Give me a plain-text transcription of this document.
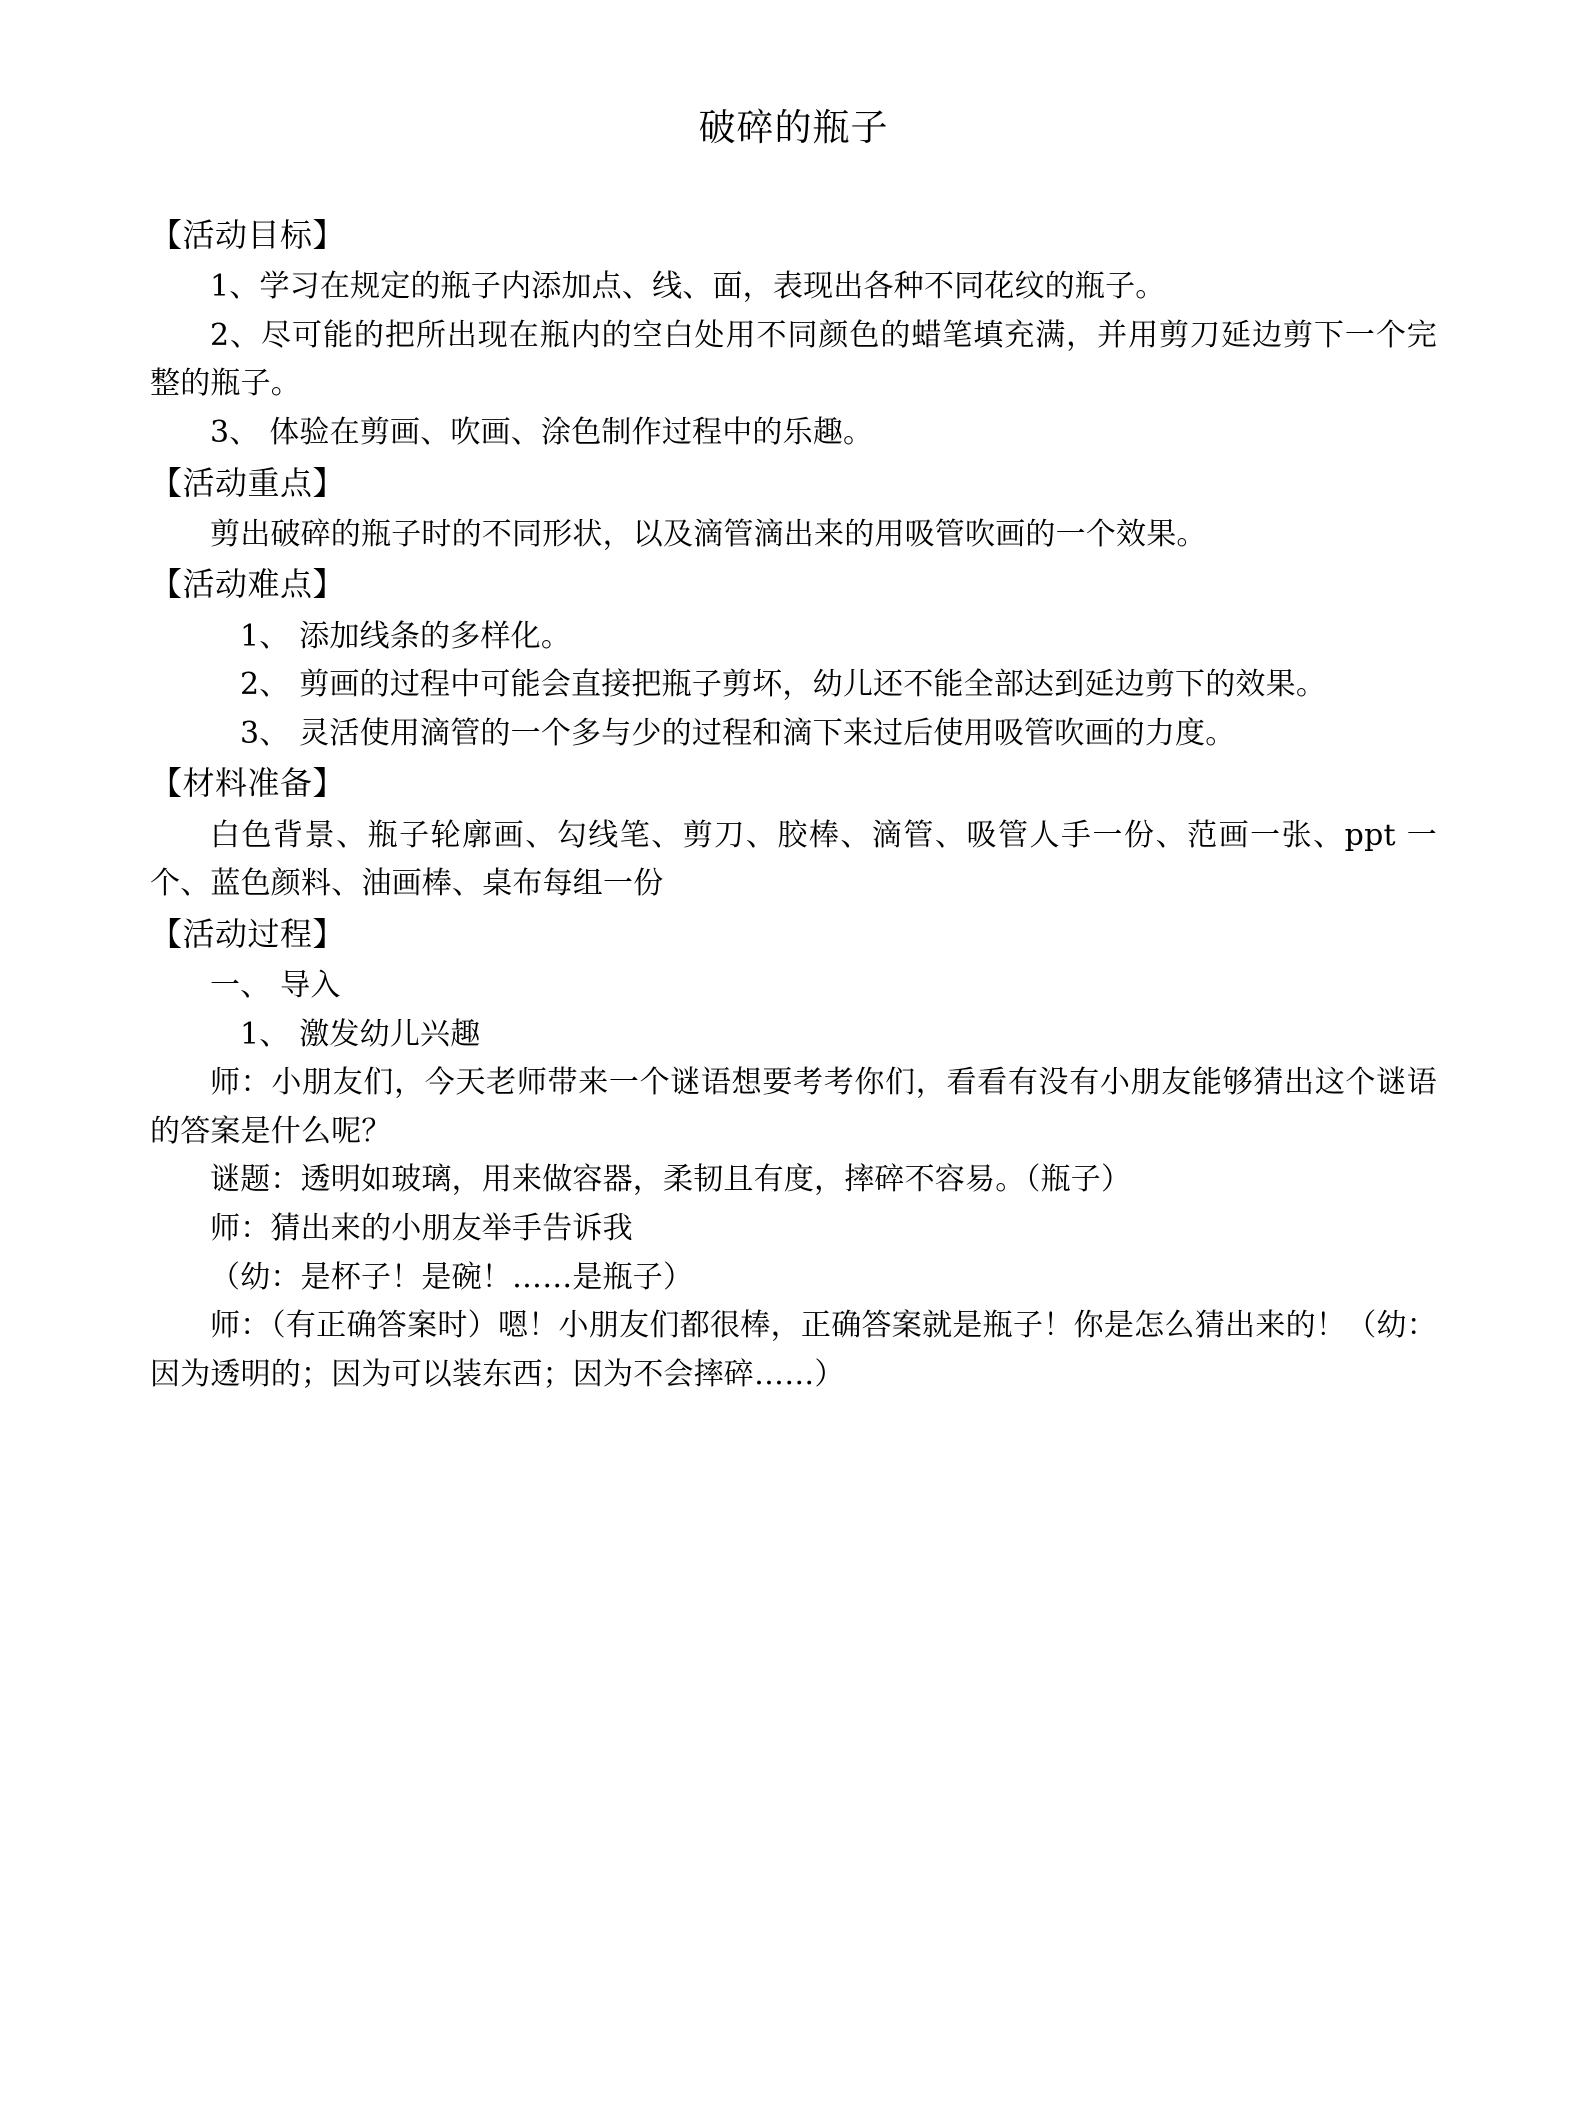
破碎的瓶子
【活动目标】

1、学习在规定的瓶子内添加点、线、面，表现出各种不同花纹的瓶子。

2、尽可能的把所出现在瓶内的空白处用不同颜色的蜡笔填充满，并用剪刀延边剪下一个完整的瓶子。

3、 体验在剪画、吹画、涂色制作过程中的乐趣。

【活动重点】

剪出破碎的瓶子时的不同形状，以及滴管滴出来的用吸管吹画的一个效果。

【活动难点】

1、 添加线条的多样化。

2、 剪画的过程中可能会直接把瓶子剪坏，幼儿还不能全部达到延边剪下的效果。

3、 灵活使用滴管的一个多与少的过程和滴下来过后使用吸管吹画的力度。

【材料准备】

白色背景、瓶子轮廓画、勾线笔、剪刀、胶棒、滴管、吸管人手一份、范画一张、ppt 一个、蓝色颜料、油画棒、桌布每组一份

【活动过程】

一、 导入

1、 激发幼儿兴趣

师：小朋友们，今天老师带来一个谜语想要考考你们，看看有没有小朋友能够猜出这个谜语的答案是什么呢？

谜题：透明如玻璃，用来做容器，柔韧且有度，摔碎不容易。（瓶子）

师：猜出来的小朋友举手告诉我

（幼：是杯子！是碗！……是瓶子）

师：（有正确答案时）嗯！小朋友们都很棒，正确答案就是瓶子！你是怎么猜出来的！（幼：因为透明的；因为可以装东西；因为不会摔碎……）
